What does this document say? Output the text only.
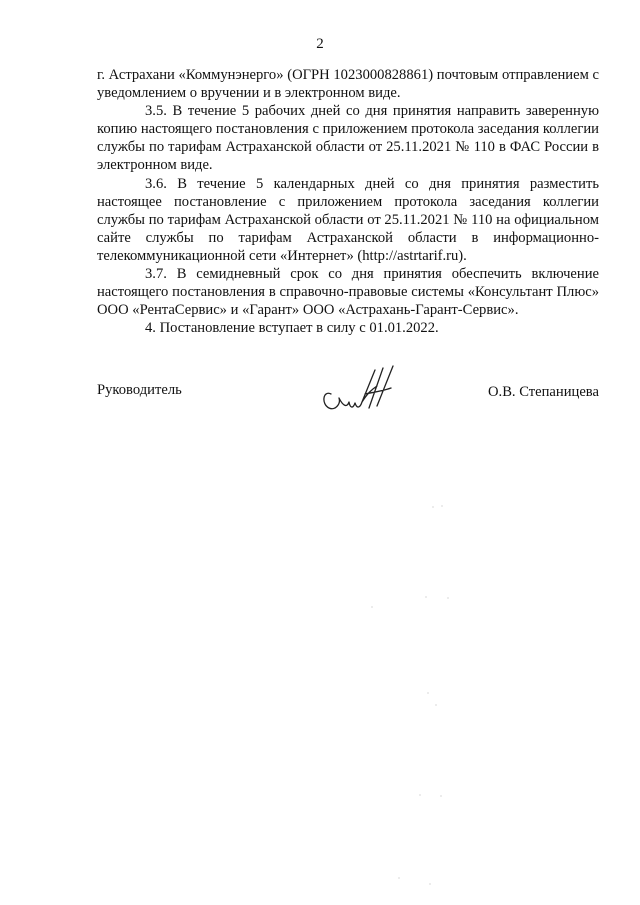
2

г. Астрахани «Коммунэнерго» (ОГРН 1023000828861) почтовым отправлением с уведомлением о вручении и в электронном виде.

3.5. В течение 5 рабочих дней со дня принятия направить заверенную копию настоящего постановления с приложением протокола заседания коллегии службы по тарифам Астраханской области от 25.11.2021 № 110 в ФАС России в электронном виде.

3.6. В течение 5 календарных дней со дня принятия разместить настоящее постановление с приложением протокола заседания коллегии службы по тарифам Астраханской области от 25.11.2021 № 110 на официальном сайте службы по тарифам Астраханской области в информационно-телекоммуникационной сети «Интернет» (http://astrtarif.ru).

3.7. В семидневный срок со дня принятия обеспечить включение настоящего постановления в справочно-правовые системы «Консультант Плюс» ООО «РентаСервис» и «Гарант» ООО «Астрахань-Гарант-Сервис».

4. Постановление вступает в силу с 01.01.2022.

Руководитель	О.В. Степаницева
